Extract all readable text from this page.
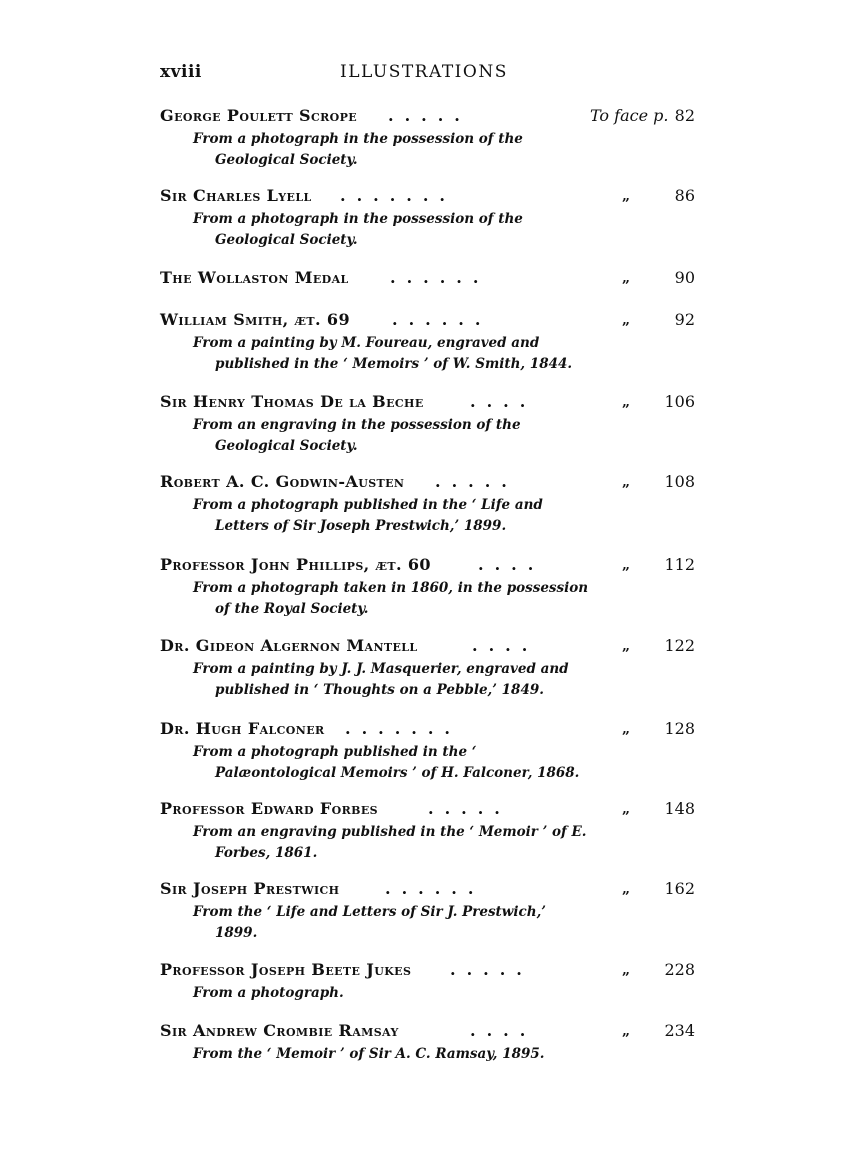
xviii	ILLUSTRATIONS
George Poulett Scrope .....	To face p. 82
From a photograph in the possession of the Geological Society.
Sir Charles Lyell .......	„	86
From a photograph in the possession of the Geological Society.
The Wollaston Medal	......	„	90
William Smith, æt. 69	......	„	92
From a painting by M. Foureau, engraved and published in the ‘ Memoirs ’ of W. Smith, 1844.
Sir Henry Thomas De la Beche	....	„ 106
From an engraving in the possession of the Geological Society.
Robert A. C. Godwin-Austen .....	„ 108
From a photograph published in the ‘ Life and Letters of Sir Joseph Prestwich,’ 1899.
Professor John Phillips, æt. 60	....	„ 112
From a photograph taken in 1860, in the possession of the Royal Society.
Dr. Gideon Algernon Mantell	....	„ 122
From a painting by J. J. Masquerier, engraved and published in ‘ Thoughts on a Pebble,’ 1849.
Dr. Hugh Falconer .......	„ 128
From a photograph published in the ‘ Palæontological Memoirs ’ of H. Falconer, 1868.
Professor Edward Forbes	.....	„ 148
From an engraving published in the ‘ Memoir ’ of E. Forbes, 1861.
Sir Joseph Prestwich	......	„ 162
From the ‘ Life and Letters of Sir J. Prestwich,’ 1899.
Professor Joseph Beete Jukes .....	„ 228
From a photograph.
Sir Andrew Crombie Ramsay	....	„ 234
From the ‘ Memoir ’ of Sir A. C. Ramsay, 1895.
